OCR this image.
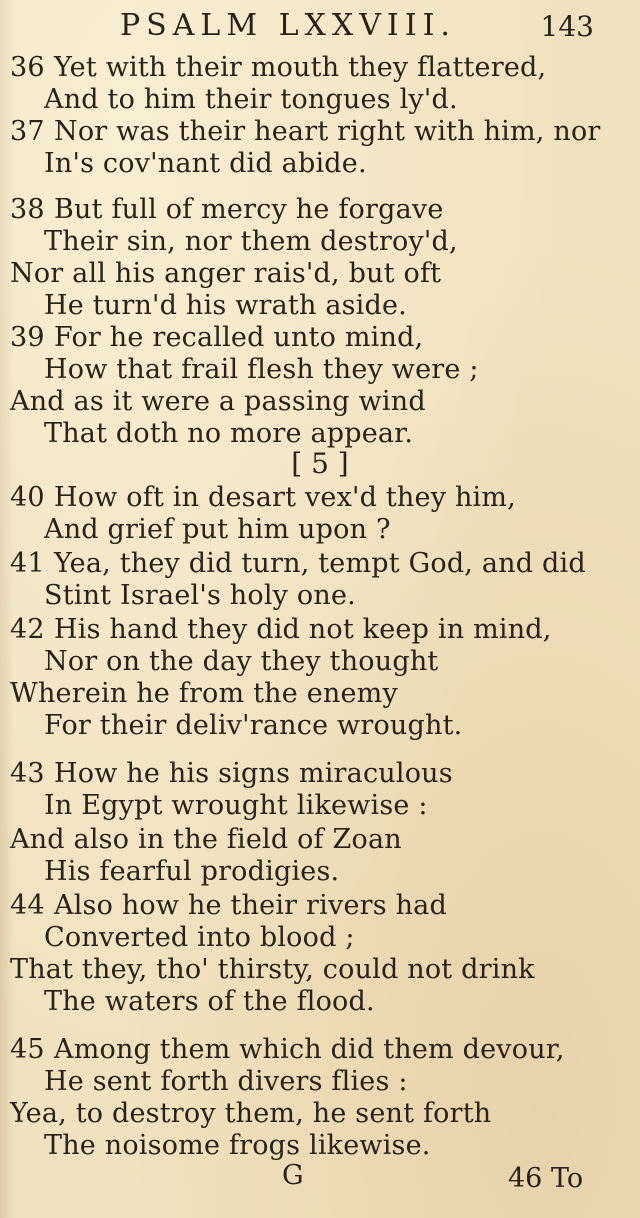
PSALM LXXVIII.	143
36 Yet with their mouth they flattered,
And to him their tongues ly'd.
37 Nor was their heart right with him, nor
In's cov'nant did abide.
38 But full of mercy he forgave
Their sin, nor them destroy'd,
Nor all his anger rais'd, but oft
He turn'd his wrath aside.
39 For he recalled unto mind,
How that frail flesh they were ;
And as it were a passing wind
That doth no more appear.
[ 5 ]
40 How oft in desart vex'd they him,
And grief put him upon ?
41 Yea, they did turn, tempt God, and did
Stint Israel's holy one.
42 His hand they did not keep in mind,
Nor on the day they thought
Wherein he from the enemy
For their deliv'rance wrought.
43 How he his signs miraculous
In Egypt wrought likewise :
And also in the field of Zoan
His fearful prodigies.
44 Also how he their rivers had
Converted into blood ;
That they, tho' thirsty, could not drink
The waters of the flood.
45 Among them which did them devour,
He sent forth divers flies :
Yea, to destroy them, he sent forth
The noisome frogs likewise.
G	46 To
